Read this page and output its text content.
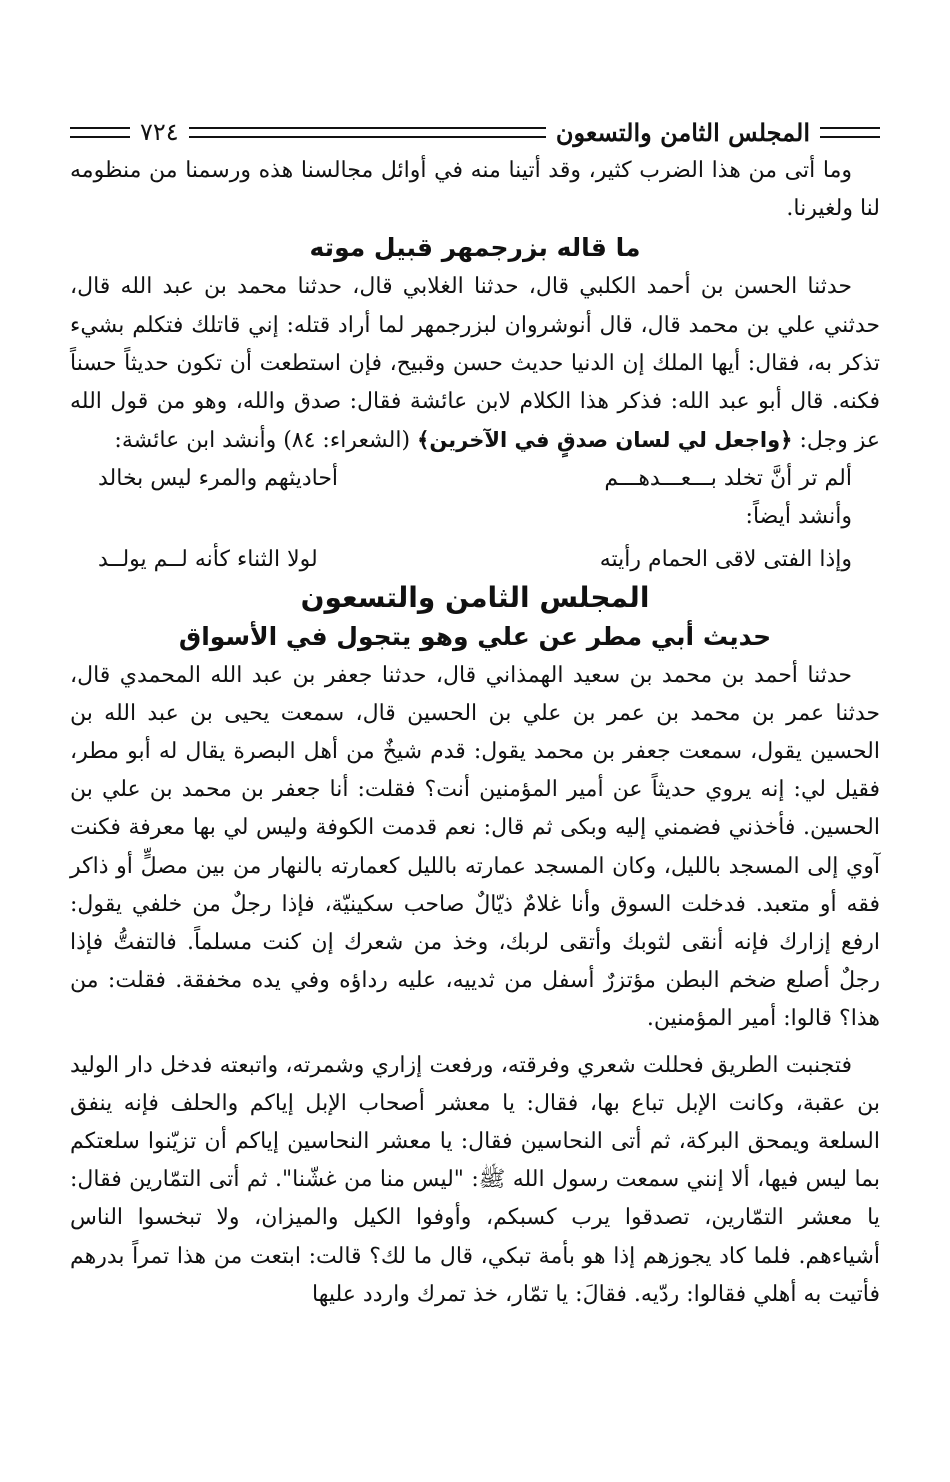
المجلس الثامن والتسعون
٧٢٤

وما أتى من هذا الضرب كثير، وقد أتينا منه في أوائل مجالسنا هذه ورسمنا من منظومه لنا ولغيرنا.

ما قاله بزرجمهر قبيل موته

حدثنا الحسن بن أحمد الكلبي قال، حدثنا الغلابي قال، حدثنا محمد بن عبد الله قال، حدثني علي بن محمد قال، قال أنوشروان لبزرجمهر لما أراد قتله: إني قاتلك فتكلم بشيء تذكر به، فقال: أيها الملك إن الدنيا حديث حسن وقبيح، فإن استطعت أن تكون حديثاً حسناً فكنه. قال أبو عبد الله: فذكر هذا الكلام لابن عائشة فقال: صدق والله، وهو من قول الله عز وجل: ﴿واجعل لي لسان صدقٍ في الآخرين﴾ (الشعراء: ٨٤) وأنشد ابن عائشة:

ألم تر أنَّ تخلد بـــعـــدهـــم
أحاديثهم والمرء ليس بخالد

وأنشد أيضاً:

وإذا الفتى لاقى الحمام رأيته
لولا الثناء كأنه لــم يولــد
المجلس الثامن والتسعون
حديث أبي مطر عن علي وهو يتجول في الأسواق

حدثنا أحمد بن محمد بن سعيد الهمذاني قال، حدثنا جعفر بن عبد الله المحمدي قال، حدثنا عمر بن محمد بن عمر بن علي بن الحسين قال، سمعت يحيى بن عبد الله بن الحسين يقول، سمعت جعفر بن محمد يقول: قدم شيخٌ من أهل البصرة يقال له أبو مطر، فقيل لي: إنه يروي حديثاً عن أمير المؤمنين أنت؟ فقلت: أنا جعفر بن محمد بن علي بن الحسين. فأخذني فضمني إليه وبكى ثم قال: نعم قدمت الكوفة وليس لي بها معرفة فكنت آوي إلى المسجد بالليل، وكان المسجد عمارته بالليل كعمارته بالنهار من بين مصلٍّ أو ذاكر فقه أو متعبد. فدخلت السوق وأنا غلامٌ ذيّالٌ صاحب سكينيّة، فإذا رجلٌ من خلفي يقول: ارفع إزارك فإنه أنقى لثوبك وأتقى لربك، وخذ من شعرك إن كنت مسلماً. فالتفتُّ فإذا رجلٌ أصلع ضخم البطن مؤتزرٌ أسفل من ثدييه، عليه رداؤه وفي يده مخفقة. فقلت: من هذا؟ قالوا: أمير المؤمنين.

فتجنبت الطريق فحللت شعري وفرقته، ورفعت إزاري وشمرته، واتبعته فدخل دار الوليد بن عقبة، وكانت الإبل تباع بها، فقال: يا معشر أصحاب الإبل إياكم والحلف فإنه ينفق السلعة ويمحق البركة، ثم أتى النحاسين فقال: يا معشر النحاسين إياكم أن تزيّنوا سلعتكم بما ليس فيها، ألا إنني سمعت رسول الله ﷺ: "ليس منا من غشّنا". ثم أتى التمّارين فقال: يا معشر التمّارين، تصدقوا يرب كسبكم، وأوفوا الكيل والميزان، ولا تبخسوا الناس أشياءهم. فلما كاد يجوزهم إذا هو بأمة تبكي، قال ما لك؟ قالت: ابتعت من هذا تمراً بدرهم فأتيت به أهلي فقالوا: ردّيه. فقالَ: يا تمّار، خذ تمرك واردد عليها
